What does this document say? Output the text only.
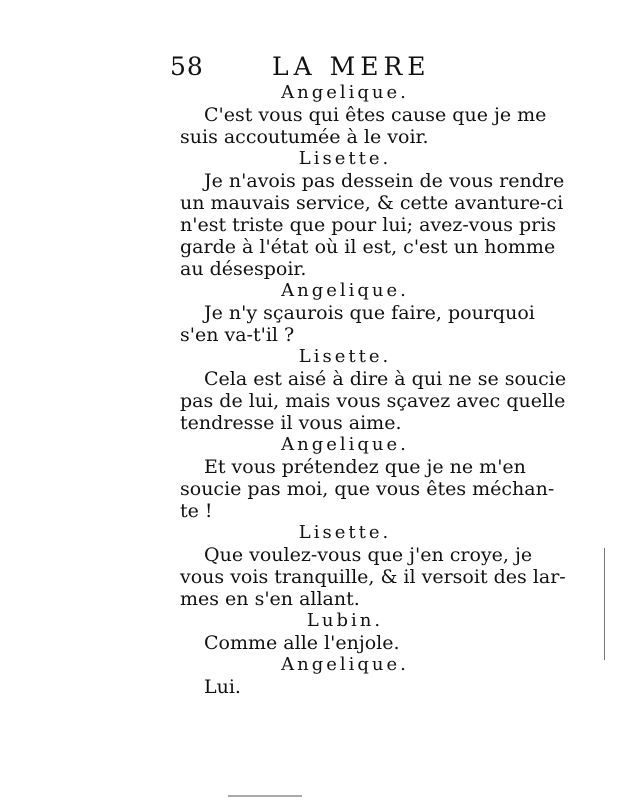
58	LA MERE
Angelique.
C'est vous qui êtes cause que je me
suis accoutumée à le voir.
Lisette.
Je n'avois pas dessein de vous rendre
un mauvais service, & cette avanture-ci
n'est triste que pour lui; avez-vous pris
garde à l'état où il est, c'est un homme
au désespoir.
Angelique.
Je n'y sçaurois que faire, pourquoi
s'en va-t'il ?
Lisette.
Cela est aisé à dire à qui ne se soucie
pas de lui, mais vous sçavez avec quelle
tendresse il vous aime.
Angelique.
Et vous prétendez que je ne m'en
soucie pas moi, que vous êtes méchan-
te !
Lisette.
Que voulez-vous que j'en croye, je
vous vois tranquille, & il versoit des lar-
mes en s'en allant.
Lubin.
Comme alle l'enjole.
Angelique.
Lui.
